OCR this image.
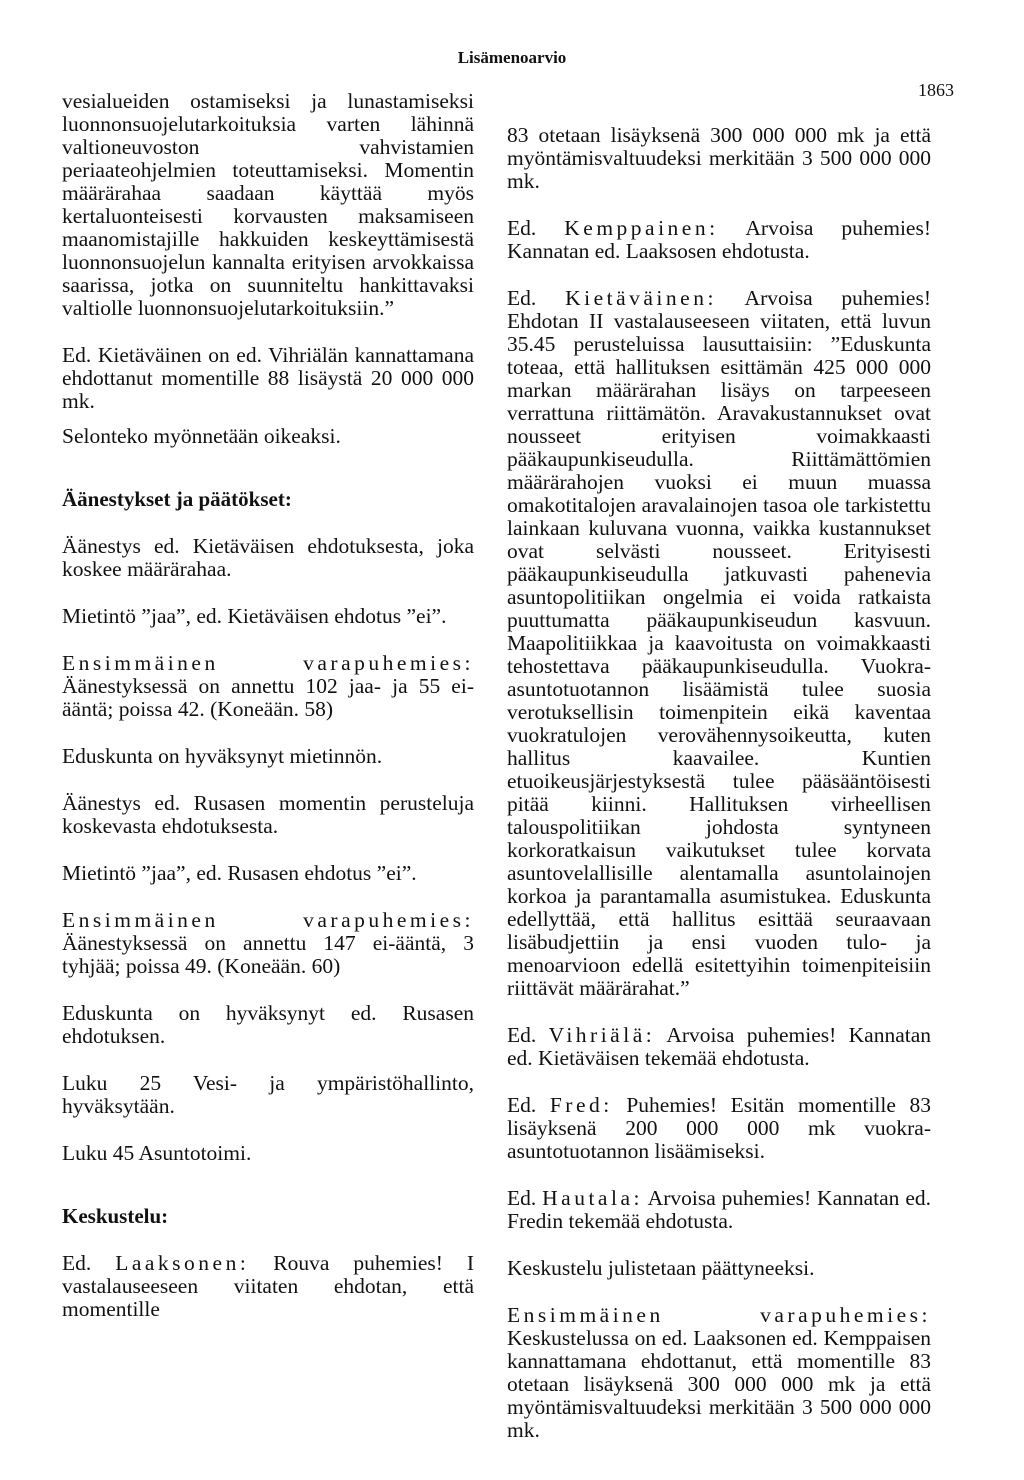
Lisämenoarvio
1863

vesialueiden ostamiseksi ja lunastamiseksi luonnonsuojelutarkoituksia varten lähinnä valtioneuvoston vahvistamien periaateohjelmien toteuttamiseksi. Momentin määrärahaa saadaan käyttää myös kertaluonteisesti korvausten maksamiseen maanomistajille hakkuiden keskeyttämisestä luonnonsuojelun kannalta erityisen arvokkaissa saarissa, jotka on suunniteltu hankittavaksi valtiolle luonnonsuojelutarkoituksiin.”

Ed. Kietäväinen on ed. Vihriälän kannattamana ehdottanut momentille 88 lisäystä 20 000 000 mk.

Selonteko myönnetään oikeaksi.

Äänestykset ja päätökset:

Äänestys ed. Kietäväisen ehdotuksesta, joka koskee määrärahaa.

Mietintö ”jaa”, ed. Kietäväisen ehdotus ”ei”.

Ensimmäinen varapuhemies: Äänestyksessä on annettu 102 jaa- ja 55 ei-ääntä; poissa 42. (Koneään. 58)

Eduskunta on hyväksynyt mietinnön.

Äänestys ed. Rusasen momentin perusteluja koskevasta ehdotuksesta.

Mietintö ”jaa”, ed. Rusasen ehdotus ”ei”.

Ensimmäinen varapuhemies: Äänestyksessä on annettu 147 ei-ääntä, 3 tyhjää; poissa 49. (Koneään. 60)

Eduskunta on hyväksynyt ed. Rusasen ehdotuksen.

Luku 25 Vesi- ja ympäristöhallinto, hyväksytään.

Luku 45 Asuntotoimi.

Keskustelu:

Ed. Laaksonen: Rouva puhemies! I vastalauseeseen viitaten ehdotan, että momentille

83 otetaan lisäyksenä 300 000 000 mk ja että myöntämisvaltuudeksi merkitään 3 500 000 000 mk.

Ed. Kemppainen: Arvoisa puhemies! Kannatan ed. Laaksosen ehdotusta.

Ed. Kietäväinen: Arvoisa puhemies! Ehdotan II vastalauseeseen viitaten, että luvun 35.45 perusteluissa lausuttaisiin: ”Eduskunta toteaa, että hallituksen esittämän 425 000 000 markan määrärahan lisäys on tarpeeseen verrattuna riittämätön. Aravakustannukset ovat nousseet erityisen voimakkaasti pääkaupunkiseudulla. Riittämättömien määrärahojen vuoksi ei muun muassa omakotitalojen aravalainojen tasoa ole tarkistettu lainkaan kuluvana vuonna, vaikka kustannukset ovat selvästi nousseet. Erityisesti pääkaupunkiseudulla jatkuvasti pahenevia asuntopolitiikan ongelmia ei voida ratkaista puuttumatta pääkaupunkiseudun kasvuun. Maapolitiikkaa ja kaavoitusta on voimakkaasti tehostettava pääkaupunkiseudulla. Vuokra-asuntotuotannon lisäämistä tulee suosia verotuksellisin toimenpitein eikä kaventaa vuokratulojen verovähennysoikeutta, kuten hallitus kaavailee. Kuntien etuoikeusjärjestyksestä tulee pääsääntöisesti pitää kiinni. Hallituksen virheellisen talouspolitiikan johdosta syntyneen korkoratkaisun vaikutukset tulee korvata asuntovelallisille alentamalla asuntolainojen korkoa ja parantamalla asumistukea. Eduskunta edellyttää, että hallitus esittää seuraavaan lisäbudjettiin ja ensi vuoden tulo- ja menoarvioon edellä esitettyihin toimenpiteisiin riittävät määrärahat.”

Ed. Vihriälä: Arvoisa puhemies! Kannatan ed. Kietäväisen tekemää ehdotusta.

Ed. Fred: Puhemies! Esitän momentille 83 lisäyksenä 200 000 000 mk vuokra-asuntotuotannon lisäämiseksi.

Ed. Hautala: Arvoisa puhemies! Kannatan ed. Fredin tekemää ehdotusta.

Keskustelu julistetaan päättyneeksi.

Ensimmäinen varapuhemies: Keskustelussa on ed. Laaksonen ed. Kemppaisen kannattamana ehdottanut, että momentille 83 otetaan lisäyksenä 300 000 000 mk ja että myöntämisvaltuudeksi merkitään 3 500 000 000 mk.
